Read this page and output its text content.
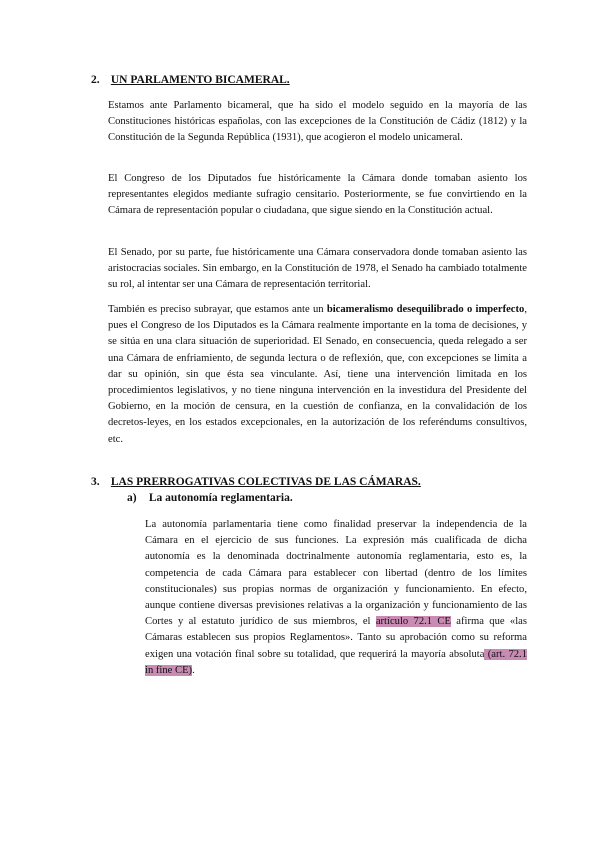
2. UN PARLAMENTO BICAMERAL.

Estamos ante Parlamento bicameral, que ha sido el modelo seguido en la mayoría de las Constituciones históricas españolas, con las excepciones de la Constitución de Cádiz (1812) y la Constitución de la Segunda República (1931), que acogieron el modelo unicameral.

El Congreso de los Diputados fue históricamente la Cámara donde tomaban asiento los representantes elegidos mediante sufragio censitario. Posteriormente, se fue convirtiendo en la Cámara de representación popular o ciudadana, que sigue siendo en la Constitución actual.

El Senado, por su parte, fue históricamente una Cámara conservadora donde tomaban asiento las aristocracias sociales. Sin embargo, en la Constitución de 1978, el Senado ha cambiado totalmente su rol, al intentar ser una Cámara de representación territorial.

También es preciso subrayar, que estamos ante un bicameralismo desequilibrado o imperfecto, pues el Congreso de los Diputados es la Cámara realmente importante en la toma de decisiones, y se sitúa en una clara situación de superioridad. El Senado, en consecuencia, queda relegado a ser una Cámara de enfriamiento, de segunda lectura o de reflexión, que, con excepciones se limita a dar su opinión, sin que ésta sea vinculante. Así, tiene una intervención limitada en los procedimientos legislativos, y no tiene ninguna intervención en la investidura del Presidente del Gobierno, en la moción de censura, en la cuestión de confianza, en la convalidación de los decretos-leyes, en los estados excepcionales, en la autorización de los referéndums consultivos, etc.

3. LAS PRERROGATIVAS COLECTIVAS DE LAS CÁMARAS.
a) La autonomía reglamentaria.

La autonomía parlamentaria tiene como finalidad preservar la independencia de la Cámara en el ejercicio de sus funciones. La expresión más cualificada de dicha autonomía es la denominada doctrinalmente autonomía reglamentaria, esto es, la competencia de cada Cámara para establecer con libertad (dentro de los límites constitucionales) sus propias normas de organización y funcionamiento. En efecto, aunque contiene diversas previsiones relativas a la organización y funcionamiento de las Cortes y al estatuto jurídico de sus miembros, el artículo 72.1 CE afirma que «las Cámaras establecen sus propios Reglamentos». Tanto su aprobación como su reforma exigen una votación final sobre su totalidad, que requerirá la mayoría absoluta (art. 72.1 in fine CE).
